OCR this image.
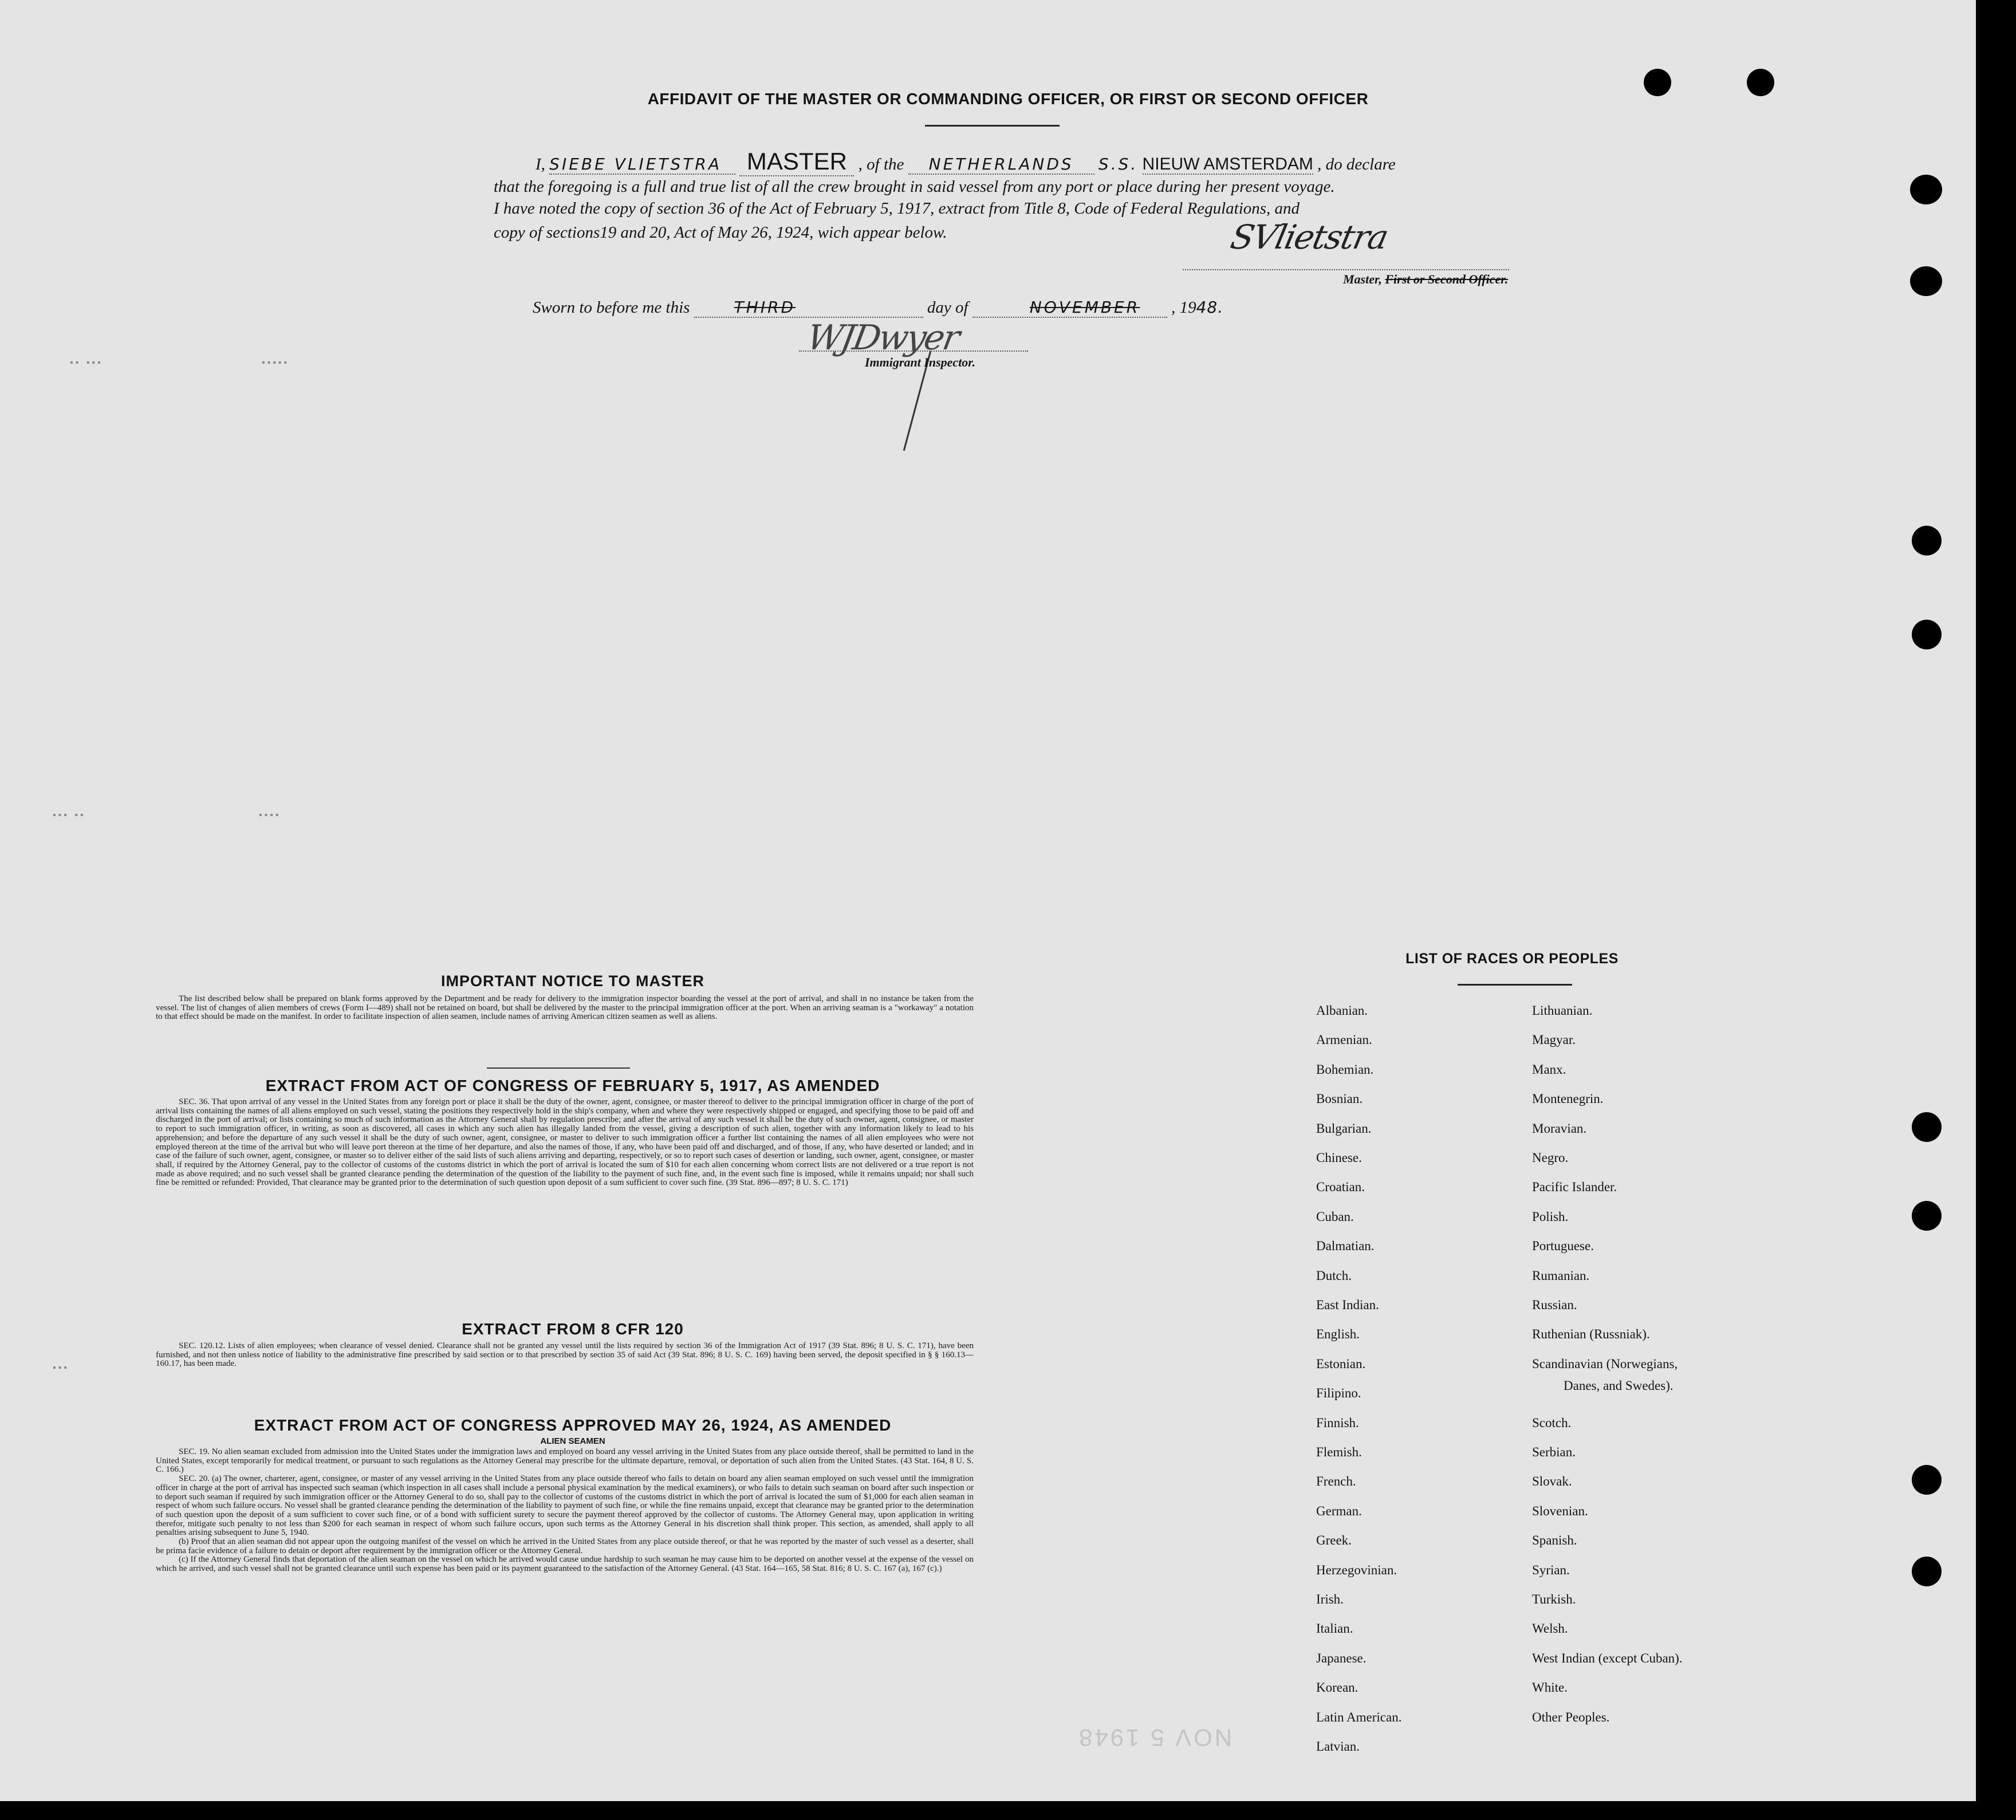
▪▪ ▪▪▪	▪▪▪▪▪
▪▪▪ ▪▪	▪▪▪▪
▪▪▪
AFFIDAVIT OF THE MASTER OR COMMANDING OFFICER, OR FIRST OR SECOND OFFICER
I, SIEBE VLIETSTRA MASTER , of the NETHERLANDS S.S. NIEUW AMSTERDAM , do declare
that the foregoing is a full and true list of all the crew brought in said vessel from any port or place during her present voyage.
I have noted the copy of section 36 of the Act of February 5, 1917, extract from Title 8, Code of Federal Regulations, and
copy of sections19 and 20, Act of May 26, 1924, wich appear below.	SVlietstra
Master, First or Second Officer.
Sworn to before me this	THIRD	day of	NOVEMBER , 1948.
WJDwyer
Immigrant Inspector.
IMPORTANT NOTICE TO MASTER

The list described below shall be prepared on blank forms approved by the Department and be ready for delivery to the immigration inspector boarding the vessel at the port of arrival, and shall in no instance be taken from the vessel. The list of changes of alien members of crews (Form I—489) shall not be retained on board, but shall be delivered by the master to the principal immigration officer at the port. When an arriving seaman is a "workaway" a notation to that effect should be made on the manifest. In order to facilitate inspection of alien seamen, include names of arriving American citizen seamen as well as aliens.

EXTRACT FROM ACT OF CONGRESS OF FEBRUARY 5, 1917, AS AMENDED

SEC. 36. That upon arrival of any vessel in the United States from any foreign port or place it shall be the duty of the owner, agent, consignee, or master thereof to deliver to the principal immigration officer in charge of the port of arrival lists containing the names of all aliens employed on such vessel, stating the positions they respectively hold in the ship's company, when and where they were respectively shipped or engaged, and specifying those to be paid off and discharged in the port of arrival; or lists containing so much of such information as the Attorney General shall by regulation prescribe; and after the arrival of any such vessel it shall be the duty of such owner, agent, consignee, or master to report to such immigration officer, in writing, as soon as discovered, all cases in which any such alien has illegally landed from the vessel, giving a description of such alien, together with any information likely to lead to his apprehension; and before the departure of any such vessel it shall be the duty of such owner, agent, consignee, or master to deliver to such immigration officer a further list containing the names of all alien employees who were not employed thereon at the time of the arrival but who will leave port thereon at the time of her departure, and also the names of those, if any, who have been paid off and discharged, and of those, if any, who have deserted or landed; and in case of the failure of such owner, agent, consignee, or master so to deliver either of the said lists of such aliens arriving and departing, respectively, or so to report such cases of desertion or landing, such owner, agent, consignee, or master shall, if required by the Attorney General, pay to the collector of customs of the customs district in which the port of arrival is located the sum of $10 for each alien concerning whom correct lists are not delivered or a true report is not made as above required; and no such vessel shall be granted clearance pending the determination of the question of the liability to the payment of such fine, and, in the event such fine is imposed, while it remains unpaid; nor shall such fine be remitted or refunded: Provided, That clearance may be granted prior to the determination of such question upon deposit of a sum sufficient to cover such fine. (39 Stat. 896—897; 8 U. S. C. 171)

EXTRACT FROM 8 CFR 120

SEC. 120.12. Lists of alien employees; when clearance of vessel denied. Clearance shall not be granted any vessel until the lists required by section 36 of the Immigration Act of 1917 (39 Stat. 896; 8 U. S. C. 171), have been furnished, and not then unless notice of liability to the administrative fine prescribed by said section or to that prescribed by section 35 of said Act (39 Stat. 896; 8 U. S. C. 169) having been served, the deposit specified in § § 160.13—160.17, has been made.

EXTRACT FROM ACT OF CONGRESS APPROVED MAY 26, 1924, AS AMENDED
ALIEN SEAMEN

SEC. 19. No alien seaman excluded from admission into the United States under the immigration laws and employed on board any vessel arriving in the United States from any place outside thereof, shall be permitted to land in the United States, except temporarily for medical treatment, or pursuant to such regulations as the Attorney General may prescribe for the ultimate departure, removal, or deportation of such alien from the United States. (43 Stat. 164, 8 U. S. C. 166.)

SEC. 20. (a) The owner, charterer, agent, consignee, or master of any vessel arriving in the United States from any place outside thereof who fails to detain on board any alien seaman employed on such vessel until the immigration officer in charge at the port of arrival has inspected such seaman (which inspection in all cases shall include a personal physical examination by the medical examiners), or who fails to detain such seaman on board after such inspection or to deport such seaman if required by such immigration officer or the Attorney General to do so, shall pay to the collector of customs of the customs district in which the port of arrival is located the sum of $1,000 for each alien seaman in respect of whom such failure occurs. No vessel shall be granted clearance pending the determination of the liability to payment of such fine, or while the fine remains unpaid, except that clearance may be granted prior to the determination of such question upon the deposit of a sum sufficient to cover such fine, or of a bond with sufficient surety to secure the payment thereof approved by the collector of customs. The Attorney General may, upon application in writing therefor, mitigate such penalty to not less than $200 for each seaman in respect of whom such failure occurs, upon such terms as the Attorney General in his discretion shall think proper. This section, as amended, shall apply to all penalties arising subsequent to June 5, 1940.

(b) Proof that an alien seaman did not appear upon the outgoing manifest of the vessel on which he arrived in the United States from any place outside thereof, or that he was reported by the master of such vessel as a deserter, shall be prima facie evidence of a failure to detain or deport after requirement by the immigration officer or the Attorney General.

(c) If the Attorney General finds that deportation of the alien seaman on the vessel on which he arrived would cause undue hardship to such seaman he may cause him to be deported on another vessel at the expense of the vessel on which he arrived, and such vessel shall not be granted clearance until such expense has been paid or its payment guaranteed to the satisfaction of the Attorney General. (43 Stat. 164—165, 58 Stat. 816; 8 U. S. C. 167 (a), 167 (c).)

NOV 5 1948
LIST OF RACES OR PEOPLES
Albanian.
Armenian.
Bohemian.
Bosnian.
Bulgarian.
Chinese.
Croatian.
Cuban.
Dalmatian.
Dutch.
East Indian.
English.
Estonian.
Filipino.
Finnish.
Flemish.
French.
German.
Greek.
Herzegovinian.
Irish.
Italian.
Japanese.
Korean.
Latin American.
Latvian.
Lithuanian.
Magyar.
Manx.
Montenegrin.
Moravian.
Negro.
Pacific Islander.
Polish.
Portuguese.
Rumanian.
Russian.
Ruthenian (Russniak).
Scandinavian (Norwegians,
Danes, and Swedes).
Scotch.
Serbian.
Slovak.
Slovenian.
Spanish.
Syrian.
Turkish.
Welsh.
West Indian (except Cuban).
White.
Other Peoples.
